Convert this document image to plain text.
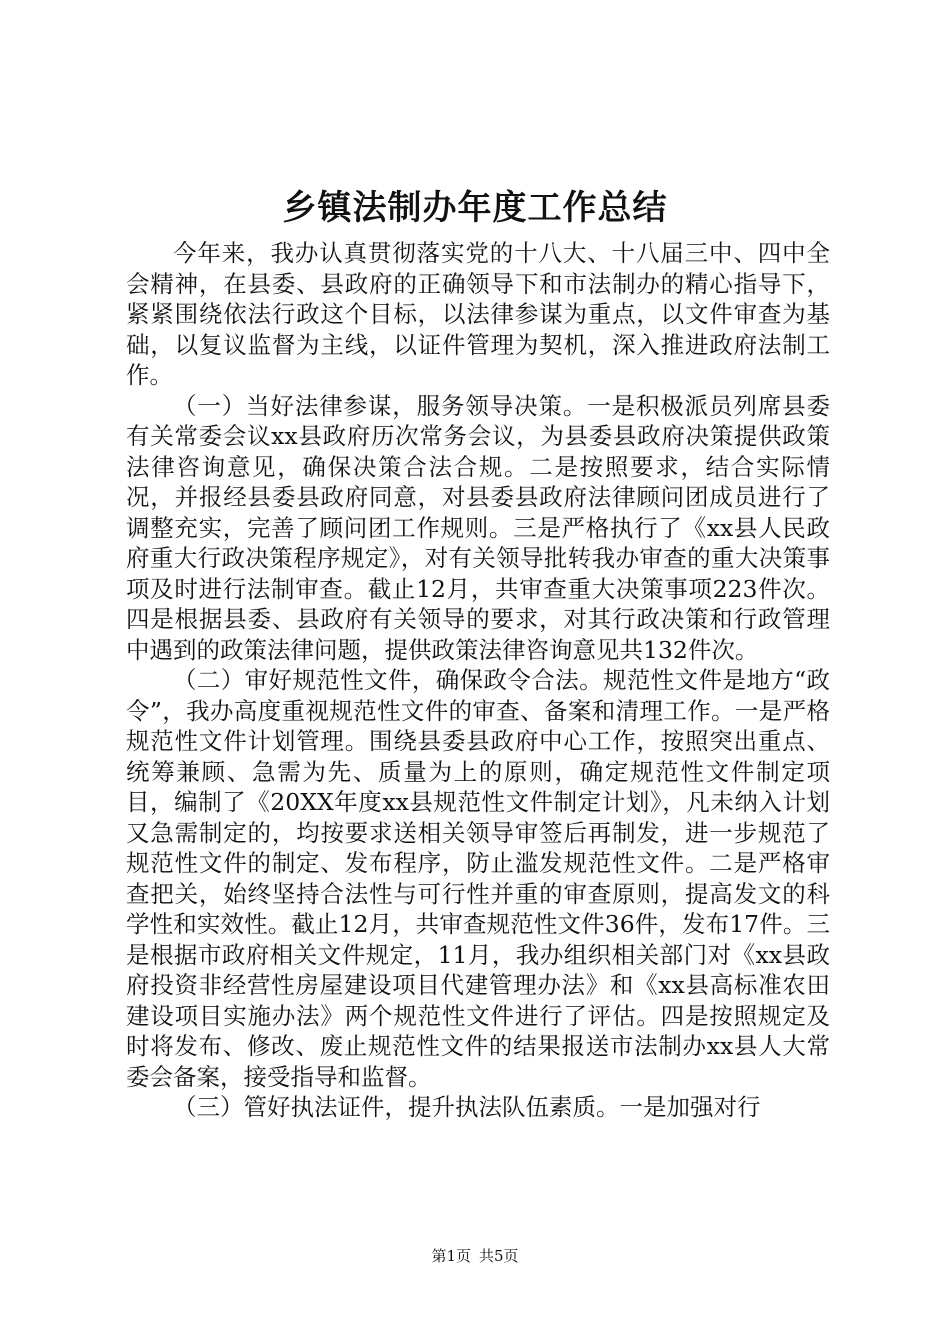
乡镇法制办年度工作总结

今年来，我办认真贯彻落实党的十八大、十八届三中、四中全会精神，在县委、县政府的正确领导下和市法制办的精心指导下，紧紧围绕依法行政这个目标，以法律参谋为重点，以文件审查为基础，以复议监督为主线，以证件管理为契机，深入推进政府法制工作。

（一）当好法律参谋，服务领导决策。一是积极派员列席县委有关常委会议xx县政府历次常务会议，为县委县政府决策提供政策法律咨询意见，确保决策合法合规。二是按照要求，结合实际情况，并报经县委县政府同意，对县委县政府法律顾问团成员进行了调整充实，完善了顾问团工作规则。三是严格执行了《xx县人民政府重大行政决策程序规定》，对有关领导批转我办审查的重大决策事项及时进行法制审查。截止12月，共审查重大决策事项223件次。四是根据县委、县政府有关领导的要求，对其行政决策和行政管理中遇到的政策法律问题，提供政策法律咨询意见共132件次。

（二）审好规范性文件，确保政令合法。规范性文件是地方“政令”，我办高度重视规范性文件的审查、备案和清理工作。一是严格规范性文件计划管理。围绕县委县政府中心工作，按照突出重点、统筹兼顾、急需为先、质量为上的原则，确定规范性文件制定项目，编制了《20XX年度xx县规范性文件制定计划》，凡未纳入计划又急需制定的，均按要求送相关领导审签后再制发，进一步规范了规范性文件的制定、发布程序，防止滥发规范性文件。二是严格审查把关，始终坚持合法性与可行性并重的审查原则，提高发文的科学性和实效性。截止12月，共审查规范性文件36件，发布17件。三是根据市政府相关文件规定，11月，我办组织相关部门对《xx县政府投资非经营性房屋建设项目代建管理办法》和《xx县高标准农田建设项目实施办法》两个规范性文件进行了评估。四是按照规定及时将发布、修改、废止规范性文件的结果报送市法制办xx县人大常委会备案，接受指导和监督。

（三）管好执法证件，提升执法队伍素质。一是加强对行

第1页 共5页
